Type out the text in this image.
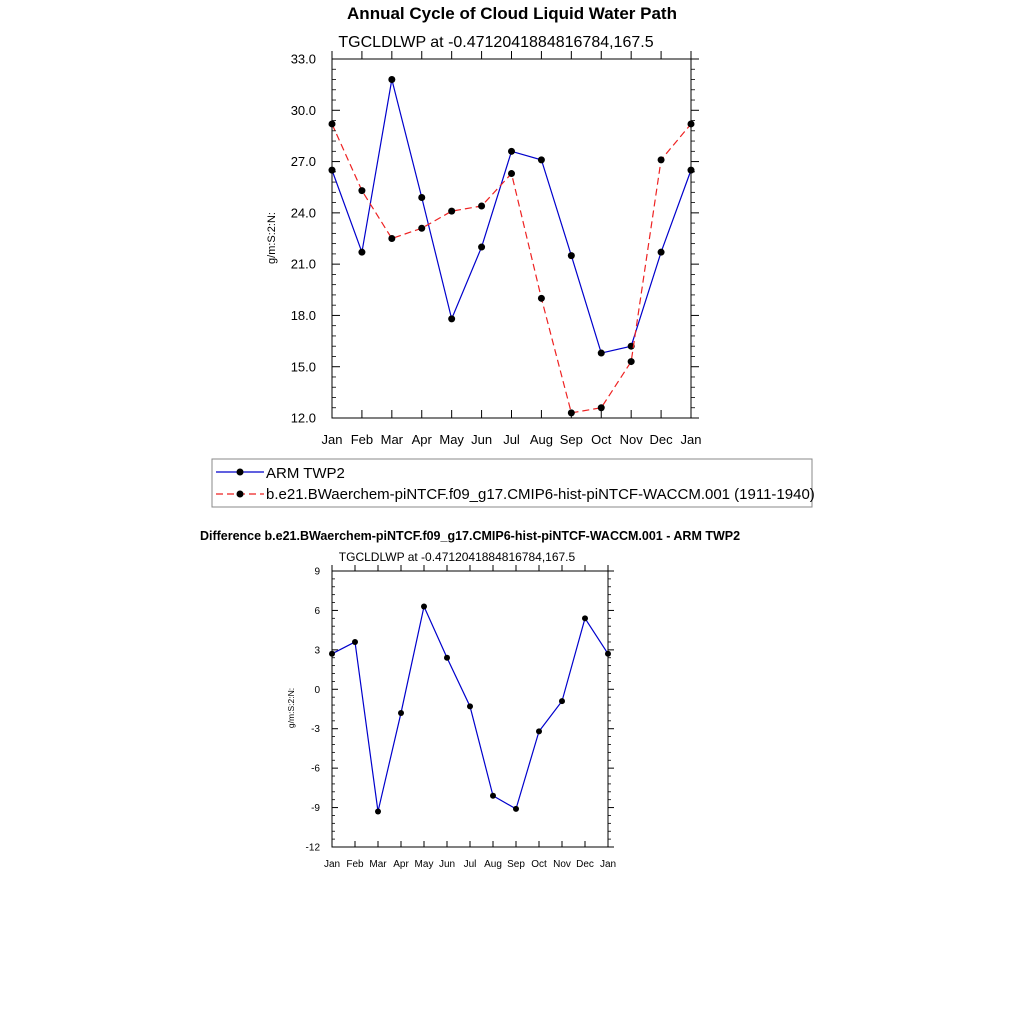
Annual Cycle of Cloud Liquid Water Path
TGCLDLWP at -0.4712041884816784,167.5
g/m:S:2:N:
Jan Feb Mar Apr May Jun Jul Aug Sep Oct Nov Dec Jan
12.0
15.0
18.0
21.0
24.0
27.0
30.0
33.0
ARM TWP2
b.e21.BWaerchem-piNTCF.f09_g17.CMIP6-hist-piNTCF-WACCM.001 (1911-1940)
Difference b.e21.BWaerchem-piNTCF.f09_g17.CMIP6-hist-piNTCF-WACCM.001 - ARM TWP2
TGCLDLWP at -0.4712041884816784,167.5
g/m:S:2:N:
Jan Feb Mar Apr May Jun Jul Aug Sep Oct Nov Dec Jan
-12
-9
-6
-3
0
3
6
9
